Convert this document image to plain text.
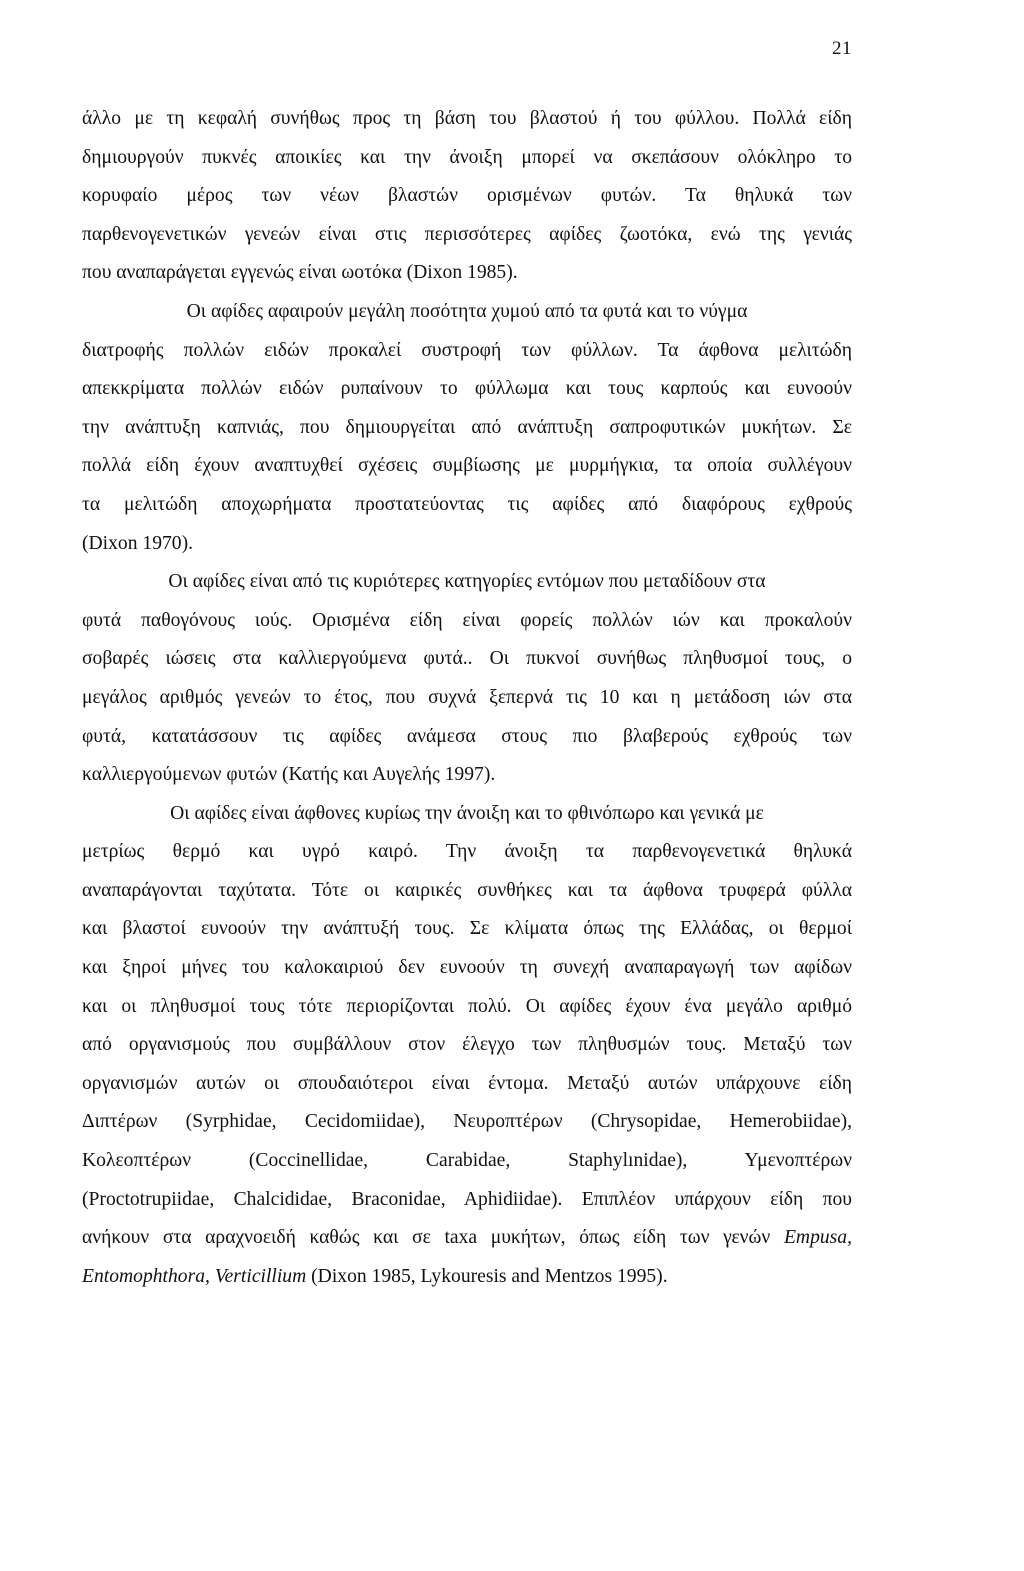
21
άλλο με τη κεφαλή συνήθως προς τη βάση του βλαστού ή του φύλλου. Πολλά είδη
δημιουργούν πυκνές αποικίες και την άνοιξη μπορεί να σκεπάσουν ολόκληρο το
κορυφαίο μέρος των νέων βλαστών ορισμένων φυτών. Τα θηλυκά των
παρθενογενετικών γενεών είναι στις περισσότερες αφίδες ζωοτόκα, ενώ της γενιάς
που αναπαράγεται εγγενώς είναι ωοτόκα (Dixon 1985).
Οι αφίδες αφαιρούν μεγάλη ποσότητα χυμού από τα φυτά και το νύγμα
διατροφής πολλών ειδών προκαλεί συστροφή των φύλλων. Τα άφθονα μελιτώδη
απεκκρίματα πολλών ειδών ρυπαίνουν το φύλλωμα και τους καρπούς και ευνοούν
την ανάπτυξη καπνιάς, που δημιουργείται από ανάπτυξη σαπροφυτικών μυκήτων. Σε
πολλά είδη έχουν αναπτυχθεί σχέσεις συμβίωσης με μυρμήγκια, τα οποία συλλέγουν
τα μελιτώδη αποχωρήματα προστατεύοντας τις αφίδες από διαφόρους εχθρούς
(Dixon 1970).
Οι αφίδες είναι από τις κυριότερες κατηγορίες εντόμων που μεταδίδουν στα
φυτά παθογόνους ιούς. Ορισμένα είδη είναι φορείς πολλών ιών και προκαλούν
σοβαρές ιώσεις στα καλλιεργούμενα φυτά.. Οι πυκνοί συνήθως πληθυσμοί τους, ο
μεγάλος αριθμός γενεών το έτος, που συχνά ξεπερνά τις 10 και η μετάδοση ιών στα
φυτά, κατατάσσουν τις αφίδες ανάμεσα στους πιο βλαβερούς εχθρούς των
καλλιεργούμενων φυτών (Κατής και Αυγελής 1997).
Οι αφίδες είναι άφθονες κυρίως την άνοιξη και το φθινόπωρο και γενικά με
μετρίως θερμό και υγρό καιρό. Την άνοιξη τα παρθενογενετικά θηλυκά
αναπαράγονται ταχύτατα. Τότε οι καιρικές συνθήκες και τα άφθονα τρυφερά φύλλα
και βλαστοί ευνοούν την ανάπτυξή τους. Σε κλίματα όπως της Ελλάδας, οι θερμοί
και ξηροί μήνες του καλοκαιριού δεν ευνοούν τη συνεχή αναπαραγωγή των αφίδων
και οι πληθυσμοί τους τότε περιορίζονται πολύ. Οι αφίδες έχουν ένα μεγάλο αριθμό
από οργανισμούς που συμβάλλουν στον έλεγχο των πληθυσμών τους. Μεταξύ των
οργανισμών αυτών οι σπουδαιότεροι είναι έντομα. Μεταξύ αυτών υπάρχουνε είδη
Διπτέρων (Syrphidae, Cecidomiidae), Νευροπτέρων (Chrysopidae, Hemerobiidae),
Κολεοπτέρων (Coccinellidae, Carabidae, Staphylınidae), Υμενοπτέρων
(Proctotrupiidae, Chalcididae, Braconidae, Aphidiidae). Επιπλέον υπάρχουν είδη που
ανήκουν στα αραχνοειδή καθώς και σε taxa μυκήτων, όπως είδη των γενών Empusa,
Entomophthora, Verticillium (Dixon 1985, Lykouresis and Mentzos 1995).
